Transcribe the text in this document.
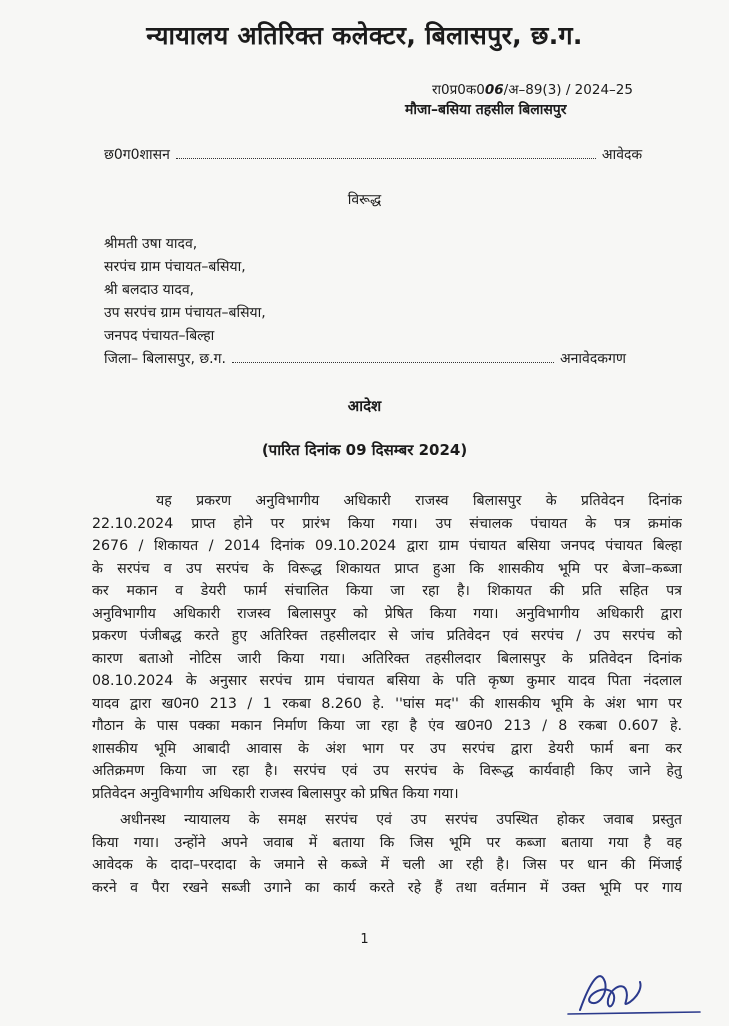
न्यायालय अतिरिक्त कलेक्टर, बिलासपुर, छ.ग.
रा0प्र0क006/अ–89(3) / 2024–25
मौजा–बसिया तहसील बिलासपुर
छ0ग0शासन	आवेदक
विरूद्ध
श्रीमती उषा यादव,
सरपंच ग्राम पंचायत–बसिया,
श्री बलदाउ यादव,
उप सरपंच ग्राम पंचायत–बसिया,
जनपद पंचायत–बिल्हा
जिला– बिलासपुर, छ.ग.	अनावेदकगण
आदेश
(पारित दिनांक 09 दिसम्बर 2024)
यह प्रकरण अनुविभागीय अधिकारी राजस्व बिलासपुर के प्रतिवेदन दिनांक
22.10.2024 प्राप्त होने पर प्रारंभ किया गया। उप संचालक पंचायत के पत्र क्रमांक
2676 / शिकायत / 2014 दिनांक 09.10.2024 द्वारा ग्राम पंचायत बसिया जनपद पंचायत बिल्हा
के सरपंच व उप सरपंच के विरूद्ध शिकायत प्राप्त हुआ कि शासकीय भूमि पर बेजा–कब्जा
कर मकान व डेयरी फार्म संचालित किया जा रहा है। शिकायत की प्रति सहित पत्र
अनुविभागीय अधिकारी राजस्व बिलासपुर को प्रेषित किया गया। अनुविभागीय अधिकारी द्वारा
प्रकरण पंजीबद्ध करते हुए अतिरिक्त तहसीलदार से जांच प्रतिवेदन एवं सरपंच / उप सरपंच को
कारण बताओ नोटिस जारी किया गया। अतिरिक्त तहसीलदार बिलासपुर के प्रतिवेदन दिनांक
08.10.2024 के अनुसार सरपंच ग्राम पंचायत बसिया के पति कृष्ण कुमार यादव पिता नंदलाल
यादव द्वारा ख0न0 213 / 1 रकबा 8.260 हे. ''घांस मद'' की शासकीय भूमि के अंश भाग पर
गौठान के पास पक्का मकान निर्माण किया जा रहा है एंव ख0न0 213 / 8 रकबा 0.607 हे.
शासकीय भूमि आबादी आवास के अंश भाग पर उप सरपंच द्वारा डेयरी फार्म बना कर
अतिक्रमण किया जा रहा है। सरपंच एवं उप सरपंच के विरूद्ध कार्यवाही किए जाने हेतु
प्रतिवेदन अनुविभागीय अधिकारी राजस्व बिलासपुर को प्रषित किया गया।
अधीनस्थ न्यायालय के समक्ष सरपंच एवं उप सरपंच उपस्थित होकर जवाब प्रस्तुत
किया गया। उन्होंने अपने जवाब में बताया कि जिस भूमि पर कब्जा बताया गया है वह
आवेदक के दादा–परदादा के जमाने से कब्जे में चली आ रही है। जिस पर धान की मिंजाई
करने व पैरा रखने सब्जी उगाने का कार्य करते रहे हैं तथा वर्तमान में उक्त भूमि पर गाय
1
